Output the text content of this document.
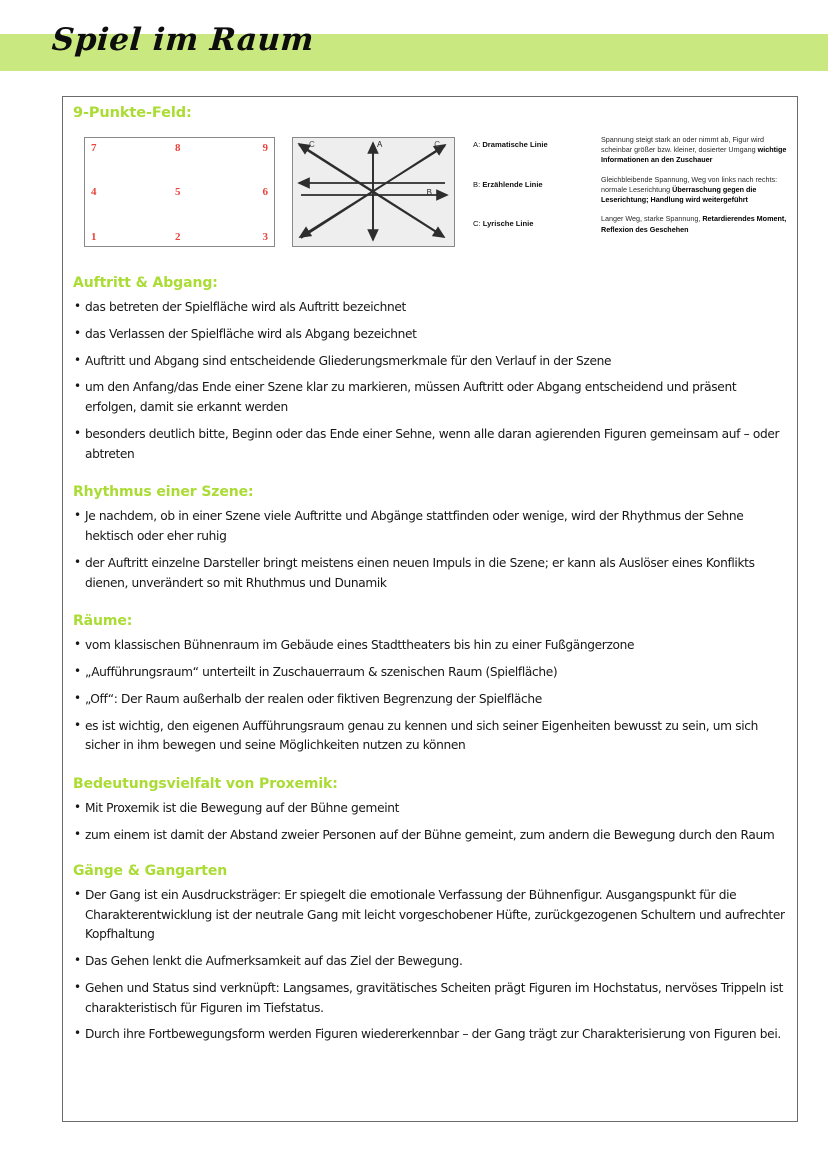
Spiel im Raum
9-Punkte-Feld:
7	8	9
4	5	6
1	2	3
C	C
A
B
A: Dramatische Linie
Spannung steigt stark an oder nimmt ab, Figur wird scheinbar größer bzw. kleiner, dosierter Umgang wichtige Informationen an den Zuschauer
B: Erzählende Linie
Gleichbleibende Spannung, Weg von links nach rechts: normale Leserichtung Überraschung gegen die Leserichtung; Handlung wird weitergeführt
C: Lyrische Linie
Langer Weg, starke Spannung, Retardierendes Moment, Reflexion des Geschehen
Auftritt & Abgang:
• das betreten der Spielfläche wird als Auftritt bezeichnet
• das Verlassen der Spielfläche wird als Abgang bezeichnet
• Auftritt und Abgang sind entscheidende Gliederungsmerkmale für den Verlauf in der Szene
• um den Anfang/das Ende einer Szene klar zu markieren, müssen Auftritt oder Abgang entscheidend und präsent erfolgen, damit sie erkannt werden
• besonders deutlich bitte, Beginn oder das Ende einer Sehne, wenn alle daran agierenden Figuren gemeinsam auf – oder abtreten
Rhythmus einer Szene:
• Je nachdem, ob in einer Szene viele Auftritte und Abgänge stattfinden oder wenige, wird der Rhythmus der Sehne hektisch oder eher ruhig
• der Auftritt einzelne Darsteller bringt meistens einen neuen Impuls in die Szene; er kann als Auslöser eines Konflikts dienen, unverändert so mit Rhuthmus und Dunamik
Räume:
• vom klassischen Bühnenraum im Gebäude eines Stadttheaters bis hin zu einer Fußgängerzone
• „Aufführungsraum“ unterteilt in Zuschauerraum & szenischen Raum (Spielfläche)
• „Off“: Der Raum außerhalb der realen oder fiktiven Begrenzung der Spielfläche
• es ist wichtig, den eigenen Aufführungsraum genau zu kennen und sich seiner Eigenheiten bewusst zu sein, um sich sicher in ihm bewegen und seine Möglichkeiten nutzen zu können
Bedeutungsvielfalt von Proxemik:
• Mit Proxemik ist die Bewegung auf der Bühne gemeint
• zum einem ist damit der Abstand zweier Personen auf der Bühne gemeint, zum andern die Bewegung durch den Raum
Gänge & Gangarten
• Der Gang ist ein Ausdrucksträger: Er spiegelt die emotionale Verfassung der Bühnenfigur. Ausgangspunkt für die Charakterentwicklung ist der neutrale Gang mit leicht vorgeschobener Hüfte, zurückgezogenen Schultern und aufrechter Kopfhaltung
• Das Gehen lenkt die Aufmerksamkeit auf das Ziel der Bewegung.
• Gehen und Status sind verknüpft: Langsames, gravitätisches Scheiten prägt Figuren im Hochstatus, nervöses Trippeln ist charakteristisch für Figuren im Tiefstatus.
• Durch ihre Fortbewegungsform werden Figuren wiedererkennbar – der Gang trägt zur Charakterisierung von Figuren bei.
